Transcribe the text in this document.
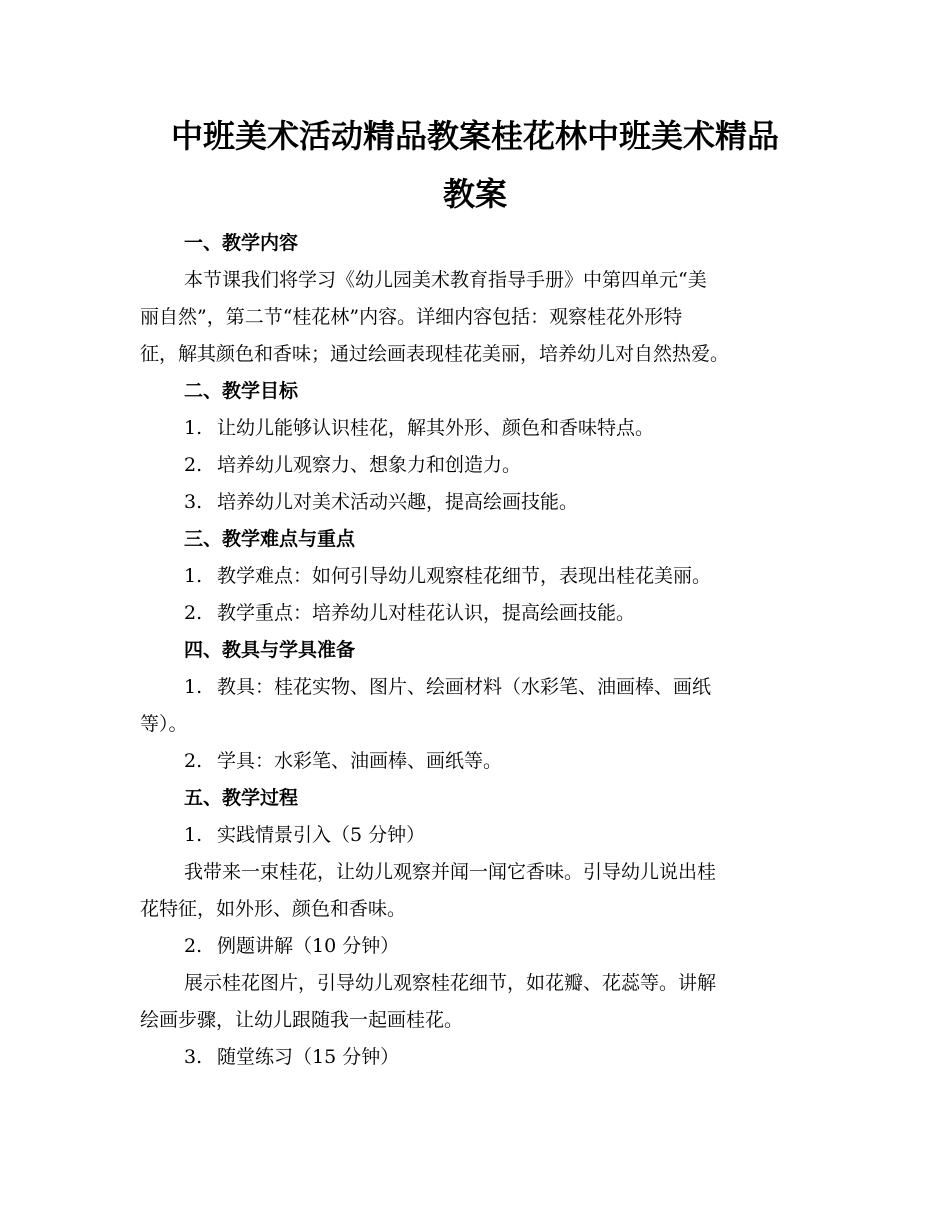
中班美术活动精品教案桂花林中班美术精品
教案

一、教学内容

本节课我们将学习《幼儿园美术教育指导手册》中第四单元“美

丽自然”，第二节“桂花林”内容。详细内容包括：观察桂花外形特

征，解其颜色和香味；通过绘画表现桂花美丽，培养幼儿对自然热爱。

二、教学目标

1. 让幼儿能够认识桂花，解其外形、颜色和香味特点。

2. 培养幼儿观察力、想象力和创造力。

3. 培养幼儿对美术活动兴趣，提高绘画技能。

三、教学难点与重点

1. 教学难点：如何引导幼儿观察桂花细节，表现出桂花美丽。

2. 教学重点：培养幼儿对桂花认识，提高绘画技能。

四、教具与学具准备

1. 教具：桂花实物、图片、绘画材料（水彩笔、油画棒、画纸

等）。

2. 学具：水彩笔、油画棒、画纸等。

五、教学过程

1. 实践情景引入（5 分钟）

我带来一束桂花，让幼儿观察并闻一闻它香味。引导幼儿说出桂

花特征，如外形、颜色和香味。

2. 例题讲解（10 分钟）

展示桂花图片，引导幼儿观察桂花细节，如花瓣、花蕊等。讲解

绘画步骤，让幼儿跟随我一起画桂花。

3. 随堂练习（15 分钟）
